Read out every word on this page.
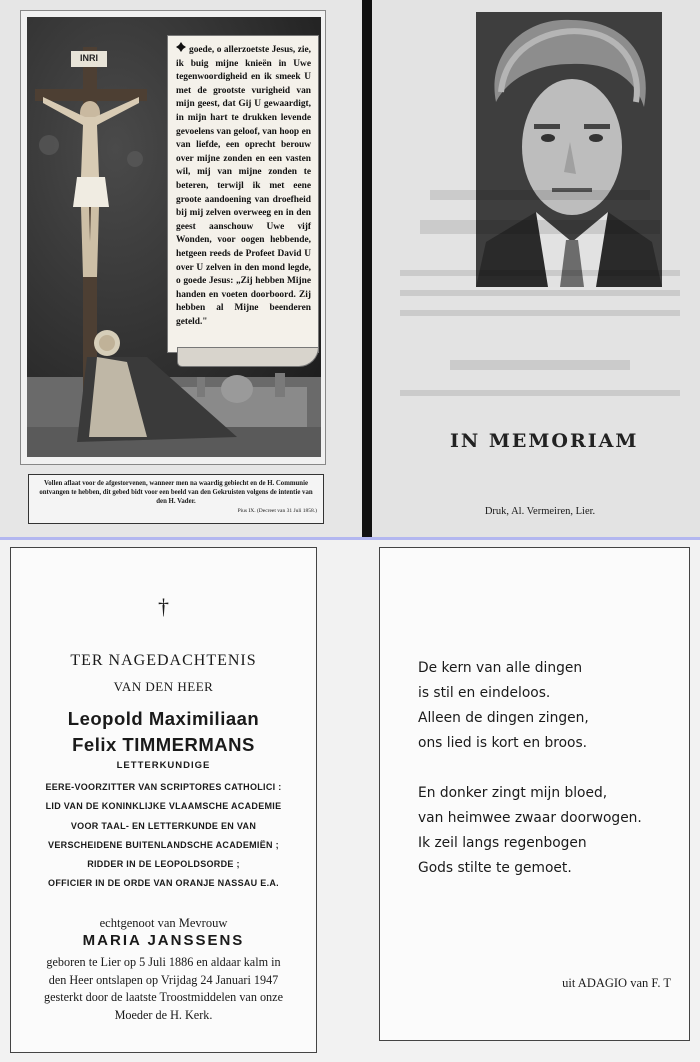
goede, o allerzoetste Jesus, zie, ik buig mijne knieën in Uwe tegenwoordigheid en ik smeek U met de grootste vurigheid van mijn geest, dat Gij U gewaardigt, in mijn hart te drukken levende gevoelens van geloof, van hoop en van liefde, een oprecht berouw over mijne zonden en een vasten wil, mij van mijne zonden te beteren, terwijl ik met eene groote aandoening van droefheid bij mij zelven overweeg en in den geest aanschouw Uwe vijf Wonden, voor oogen hebbende, hetgeen reeds de Profeet David U over U zelven in den mond legde, o goede Jesus: „Zij hebben Mijne handen en voeten doorboord. Zij hebben al Mijne beenderen geteld."
INRI
Vollen aflaat voor de afgestorvenen, wanneer men na waardig gebiecht en de H. Communie ontvangen te hebben, dit gebed bidt voor een beeld van den Gekruisten volgens de intentie van den H. Vader.
Pius IX. (Decreet van 31 Juli 1858.)
IN MEMORIAM
†
TER NAGEDACHTENIS
VAN DEN HEER
Leopold Maximiliaan
Felix TIMMERMANS
LETTERKUNDIGE
EERE-VOORZITTER VAN SCRIPTORES CATHOLICI :
LID VAN DE KONINKLIJKE VLAAMSCHE ACADEMIE
VOOR TAAL- EN LETTERKUNDE EN VAN
VERSCHEIDENE BUITENLANDSCHE ACADEMIËN ;
RIDDER IN DE LEOPOLDSORDE ;
OFFICIER IN DE ORDE VAN ORANJE NASSAU E.A.
echtgenoot van Mevrouw
MARIA JANSSENS
geboren te Lier op 5 Juli 1886 en aldaar kalm in
den Heer ontslapen op Vrijdag 24 Januari 1947
gesterkt door de laatste Troostmiddelen van onze
Moeder de H. Kerk.
De kern van alle dingen
is stil en eindeloos.
Alleen de dingen zingen,
ons lied is kort en broos.
En donker zingt mijn bloed,
van heimwee zwaar doorwogen.
Ik zeil langs regenbogen
Gods stilte te gemoet.
uit ADAGIO van F. T
Druk, Al. Vermeiren, Lier.
